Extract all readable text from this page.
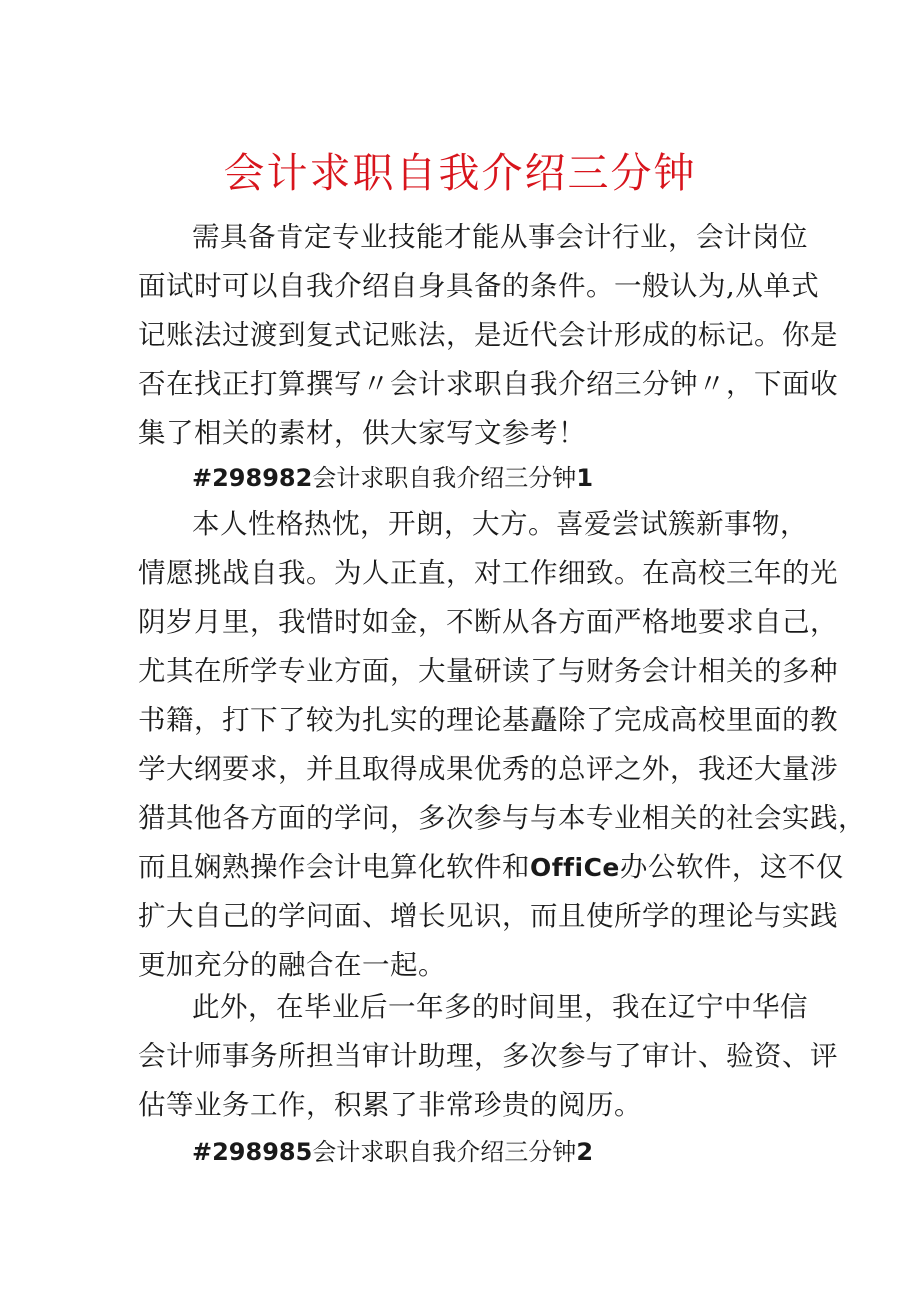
会计求职自我介绍三分钟

需具备肯定专业技能才能从事会计行业，会计岗位
面试时可以自我介绍自身具备的条件。一般认为,从单式
记账法过渡到复式记账法，是近代会计形成的标记。你是
否在找正打算撰写〃会计求职自我介绍三分钟〃，下面收
集了相关的素材，供大家写文参考！

#298982会计求职自我介绍三分钟1

本人性格热忱，开朗，大方。喜爱尝试簇新事物，
情愿挑战自我。为人正直，对工作细致。在高校三年的光
阴岁月里，我惜时如金，不断从各方面严格地要求自己，
尤其在所学专业方面，大量研读了与财务会计相关的多种
书籍，打下了较为扎实的理论基矗除了完成高校里面的教
学大纲要求，并且取得成果优秀的总评之外，我还大量涉
猎其他各方面的学问，多次参与与本专业相关的社会实践，
而且娴熟操作会计电算化软件和OffiCe办公软件，这不仅
扩大自己的学问面、增长见识，而且使所学的理论与实践
更加充分的融合在一起。

此外，在毕业后一年多的时间里，我在辽宁中华信
会计师事务所担当审计助理，多次参与了审计、验资、评
估等业务工作，积累了非常珍贵的阅历。

#298985会计求职自我介绍三分钟2
